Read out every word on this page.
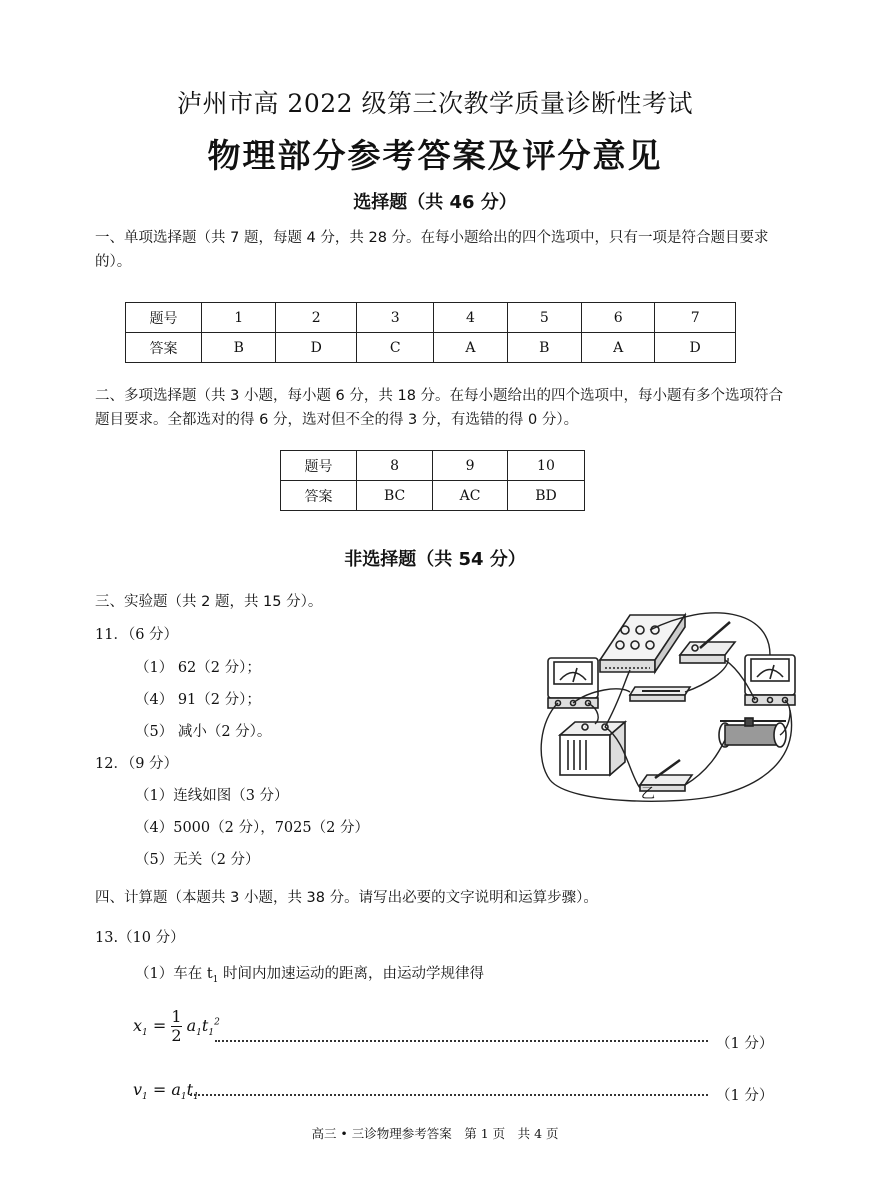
泸州市高 2022 级第三次教学质量诊断性考试
物理部分参考答案及评分意见
选择题（共 46 分）
一、单项选择题（共 7 题，每题 4 分，共 28 分。在每小题给出的四个选项中，只有一项是符合题目要求的）。
题号	1	2	3	4	5	6	7
答案	B	D	C	A	B	A	D
二、多项选择题（共 3 小题，每小题 6 分，共 18 分。在每小题给出的四个选项中，每小题有多个选项符合题目要求。全都选对的得 6 分，选对但不全的得 3 分，有选错的得 0 分）。
题号	8	9	10
答案	BC	AC	BD
非选择题（共 54 分）
三、实验题（共 2 题，共 15 分）。
11．（6 分）
（1） 62（2 分）；
（4） 91（2 分）；
（5） 减小（2 分）。
12．（9 分）
（1）连线如图（3 分）
（4）5000（2 分），7025（2 分）
（5）无关（2 分）
乙
四、计算题（本题共 3 小题，共 38 分。请写出必要的文字说明和运算步骤）。
13.（10 分）
（1）车在 $t_1$ 时间内加速运动的距离，由运动学规律得
$x_1 = \frac{1}{2} a_1t_1^2$
（1 分）
$v_1 = a_1t_1$	（1 分）
高三 • 三诊物理参考答案　第 1 页　共 4 页
